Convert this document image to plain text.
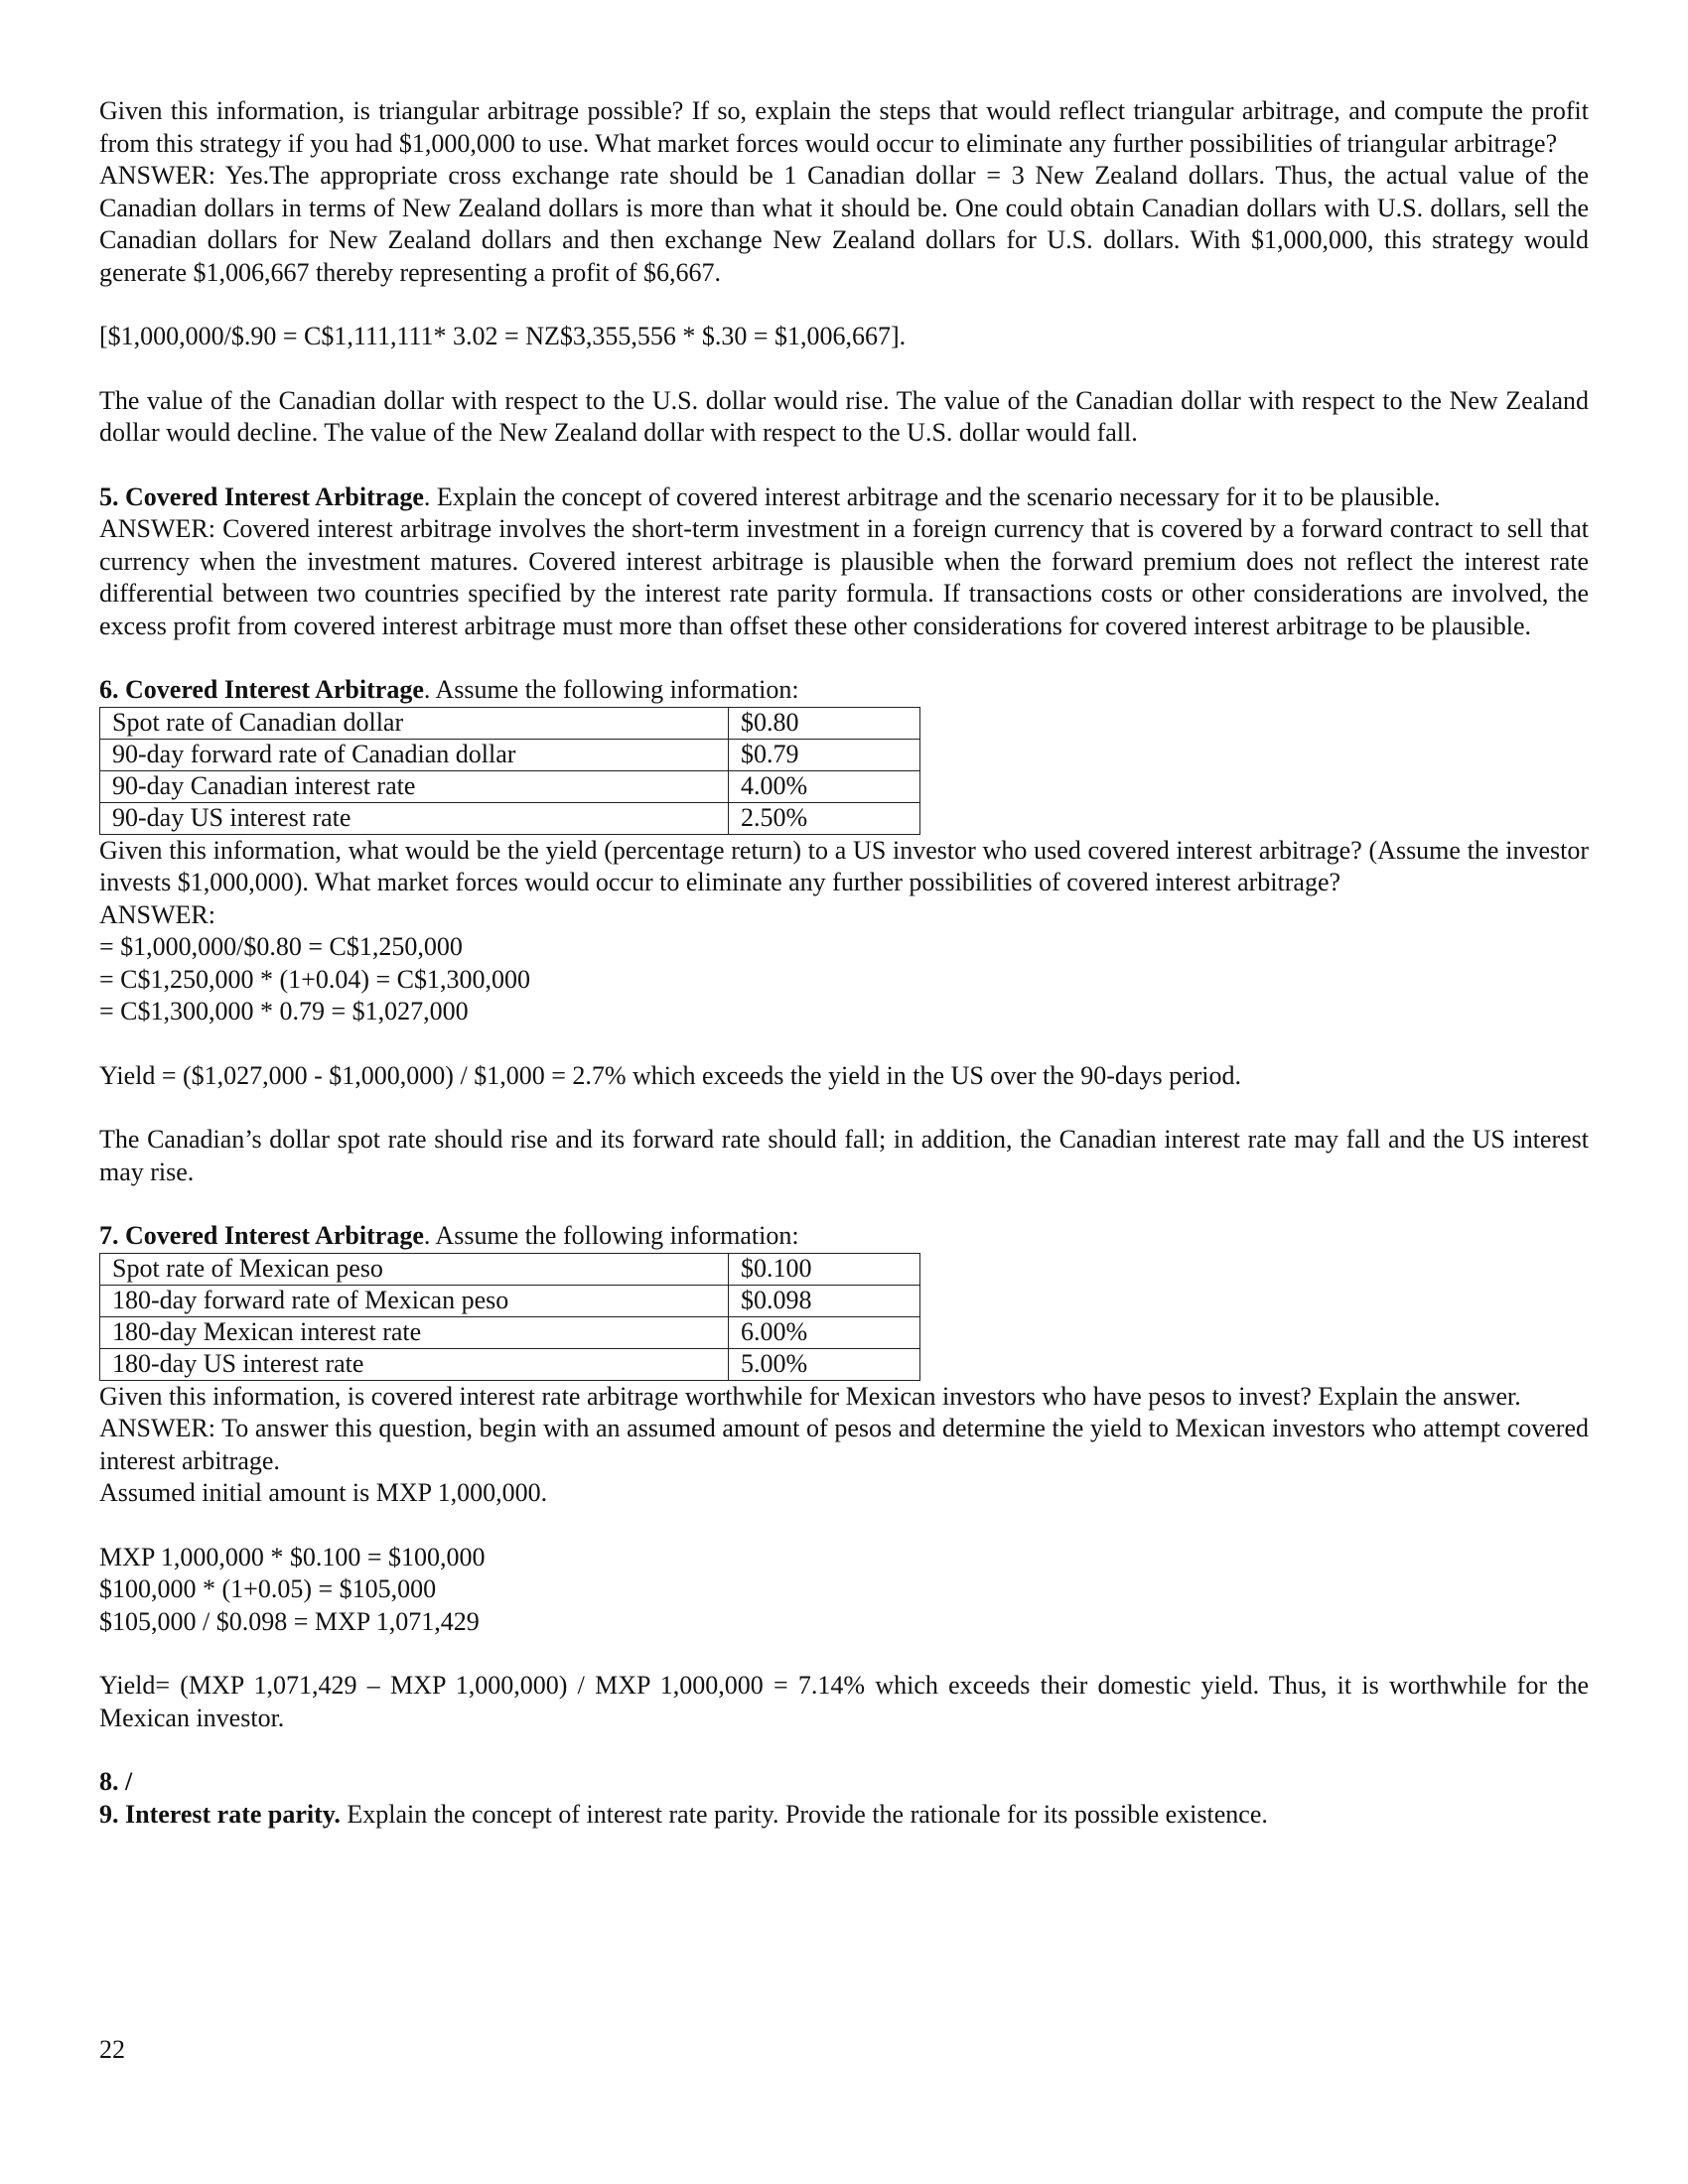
Given this information, is triangular arbitrage possible? If so, explain the steps that would reflect triangular arbitrage, and compute the profit from this strategy if you had $1,000,000 to use. What market forces would occur to eliminate any further possibilities of triangular arbitrage?

ANSWER: Yes.The appropriate cross exchange rate should be 1 Canadian dollar = 3 New Zealand dollars. Thus, the actual value of the Canadian dollars in terms of New Zealand dollars is more than what it should be. One could obtain Canadian dollars with U.S. dollars, sell the Canadian dollars for New Zealand dollars and then exchange New Zealand dollars for U.S. dollars. With $1,000,000, this strategy would generate $1,006,667 thereby representing a profit of $6,667.

[$1,000,000/$.90 = C$1,111,111* 3.02 = NZ$3,355,556 * $.30 = $1,006,667].

The value of the Canadian dollar with respect to the U.S. dollar would rise. The value of the Canadian dollar with respect to the New Zealand dollar would decline. The value of the New Zealand dollar with respect to the U.S. dollar would fall.

5. Covered Interest Arbitrage. Explain the concept of covered interest arbitrage and the scenario necessary for it to be plausible.

ANSWER: Covered interest arbitrage involves the short-term investment in a foreign currency that is covered by a forward contract to sell that currency when the investment matures. Covered interest arbitrage is plausible when the forward premium does not reflect the interest rate differential between two countries specified by the interest rate parity formula. If transactions costs or other considerations are involved, the excess profit from covered interest arbitrage must more than offset these other considerations for covered interest arbitrage to be plausible.

6. Covered Interest Arbitrage. Assume the following information:

Spot rate of Canadian dollar	$0.80
90-day forward rate of Canadian dollar	$0.79
90-day Canadian interest rate	4.00%
90-day US interest rate	2.50%

Given this information, what would be the yield (percentage return) to a US investor who used covered interest arbitrage? (Assume the investor invests $1,000,000). What market forces would occur to eliminate any further possibilities of covered interest arbitrage?

ANSWER:

= $1,000,000/$0.80 = C$1,250,000

= C$1,250,000 * (1+0.04) = C$1,300,000

= C$1,300,000 * 0.79 = $1,027,000

Yield = ($1,027,000 - $1,000,000) / $1,000 = 2.7% which exceeds the yield in the US over the 90-days period.

The Canadian’s dollar spot rate should rise and its forward rate should fall; in addition, the Canadian interest rate may fall and the US interest may rise.

7. Covered Interest Arbitrage. Assume the following information:

Spot rate of Mexican peso	$0.100
180-day forward rate of Mexican peso	$0.098
180-day Mexican interest rate	6.00%
180-day US interest rate	5.00%

Given this information, is covered interest rate arbitrage worthwhile for Mexican investors who have pesos to invest? Explain the answer.

ANSWER: To answer this question, begin with an assumed amount of pesos and determine the yield to Mexican investors who attempt covered interest arbitrage.

Assumed initial amount is MXP 1,000,000.

MXP 1,000,000 * $0.100 = $100,000

$100,000 * (1+0.05) = $105,000

$105,000 / $0.098 = MXP 1,071,429

Yield= (MXP 1,071,429 – MXP 1,000,000) / MXP 1,000,000 = 7.14% which exceeds their domestic yield. Thus, it is worthwhile for the Mexican investor.

8. /

9. Interest rate parity. Explain the concept of interest rate parity. Provide the rationale for its possible existence.

22
